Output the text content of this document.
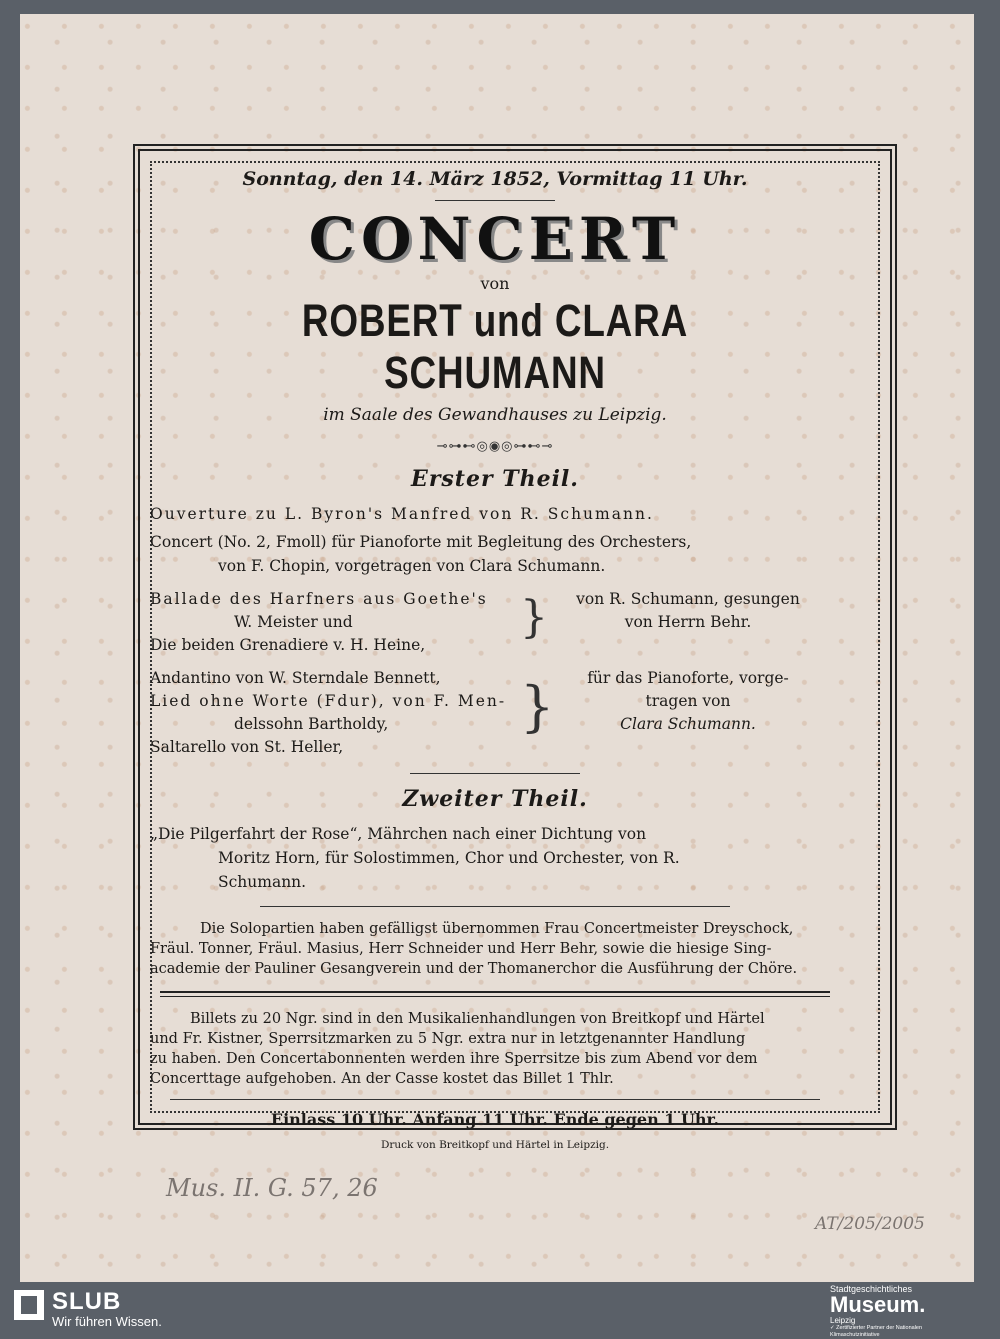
Mus. II. G. 57, 26
AT/205/2005
Sonntag, den 14. März 1852, Vormittag 11 Uhr.
CONCERT
von
ROBERT und CLARA SCHUMANN
im Saale des Gewandhauses zu Leipzig.
⊸⊶⊷◎◉◎⊶⊷⊸
Erster Theil.
Ouverture zu L. Byron's Manfred von R. Schumann.
Concert (No. 2, Fmoll) für Pianoforte mit Begleitung des Orchesters,
von F. Chopin, vorgetragen von Clara Schumann.
Ballade des Harfners aus Goethe's
W. Meister und
Die beiden Grenadiere v. H. Heine,
}	von R. Schumann, gesungen
von Herrn Behr.
Andantino von W. Sterndale Bennett,
Lied ohne Worte (Fdur), von F. Men-
delssohn Bartholdy,
Saltarello von St. Heller,
}	für das Pianoforte, vorge-
tragen von
Clara Schumann.
Zweiter Theil.
„Die Pilgerfahrt der Rose“, Mährchen nach einer Dichtung von
Moritz Horn, für Solostimmen, Chor und Orchester, von R.
Schumann.
Die Solopartien haben gefälligst übernommen Frau Concertmeister Dreyschock,
Fräul. Tonner, Fräul. Masius, Herr Schneider und Herr Behr, sowie die hiesige Sing-
academie der Pauliner Gesangverein und der Thomanerchor die Ausführung der Chöre.
Billets zu 20 Ngr. sind in den Musikalienhandlungen von Breitkopf und Härtel
und Fr. Kistner, Sperrsitzmarken zu 5 Ngr. extra nur in letztgenannter Handlung
zu haben. Den Concertabonnenten werden ihre Sperrsitze bis zum Abend vor dem
Concerttage aufgehoben. An der Casse kostet das Billet 1 Thlr.
Einlass 10 Uhr. Anfang 11 Uhr. Ende gegen 1 Uhr.
Druck von Breitkopf und Härtel in Leipzig.
SLUB
Wir führen Wissen.
Stadtgeschichtliches
Museum.
Leipzig
✓ Zertifizierter Partner der Nationalen Klimaschutzinitiative
